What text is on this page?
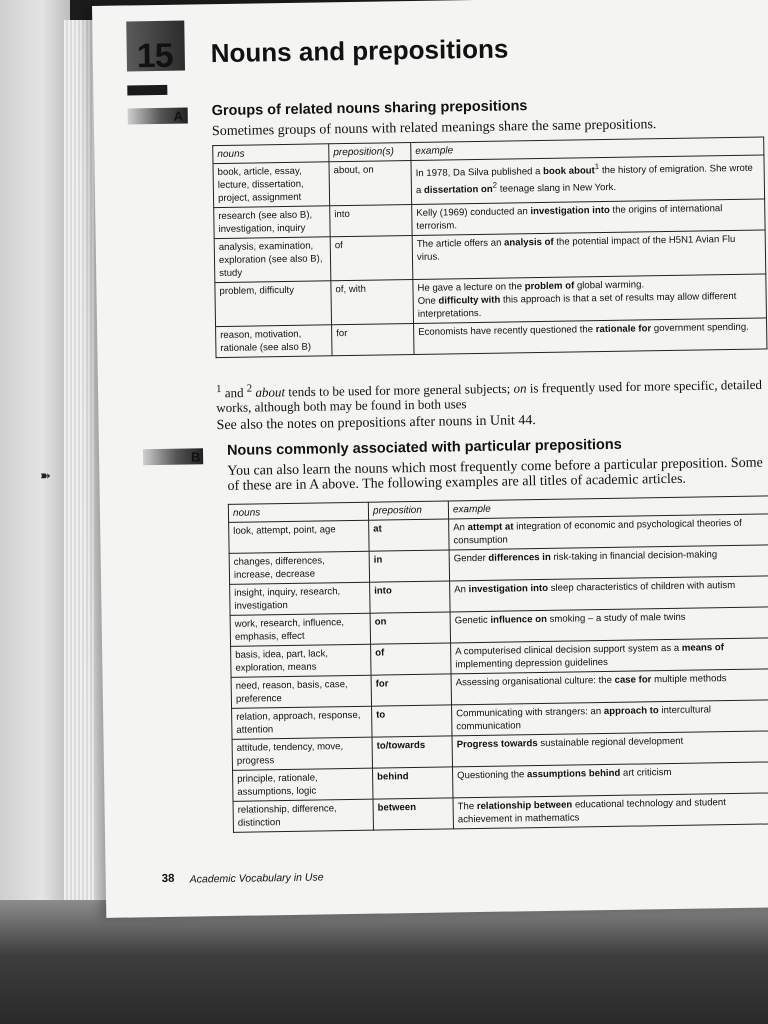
➽
15 Nouns and prepositions
A Groups of related nouns sharing prepositions
Sometimes groups of nouns with related meanings share the same prepositions.
nouns	preposition(s)	example
book, article, essay, lecture, dissertation, project, assignment	about, on	In 1978, Da Silva published a book about$^1$ the history of emigration. She wrote a dissertation $on^2$ teenage slang in New York.
research (see also B), investigation, inquiry	into	Kelly (1969) conducted an investigation into the origins of international terrorism.
analysis, examination, exploration (see also B), study	of	The article offers an analysis of the potential impact of the H5N1 Avian Flu virus.
problem, difficulty	of, with	He gave a lecture on the problem of global warming.
One difficulty with this approach is that a set of results may allow different interpretations.
reason, motivation, rationale (see also B)	for	Economists have recently questioned the rationale for government spending.
$^1$ and $^2$ about tends to be used for more general subjects; on is frequently used for more specific, detailed works, although both may be found in both uses
See also the notes on prepositions after nouns in Unit 44.
B Nouns commonly associated with particular prepositions
You can also learn the nouns which most frequently come before a particular preposition. Some of these are in A above. The following examples are all titles of academic articles.
nouns	preposition	example
look, attempt, point, age	at	An attempt at integration of economic and psychological theories of consumption
changes, differences, increase, decrease	in	Gender differences in risk-taking in financial decision-making
insight, inquiry, research, investigation	into	An investigation into sleep characteristics of children with autism
work, research, influence, emphasis, effect	on	Genetic influence on smoking – a study of male twins
basis, idea, part, lack, exploration, means	of	A computerised clinical decision support system as a means of implementing depression guidelines
need, reason, basis, case, preference	for	Assessing organisational culture: the case for multiple methods
relation, approach, response, attention	to	Communicating with strangers: an approach to intercultural communication
attitude, tendency, move, progress	to/towards	Progress towards sustainable regional development
principle, rationale, assumptions, logic	behind	Questioning the assumptions behind art criticism
relationship, difference, distinction	between	The relationship between educational technology and student achievement in mathematics
38 Academic Vocabulary in Use
